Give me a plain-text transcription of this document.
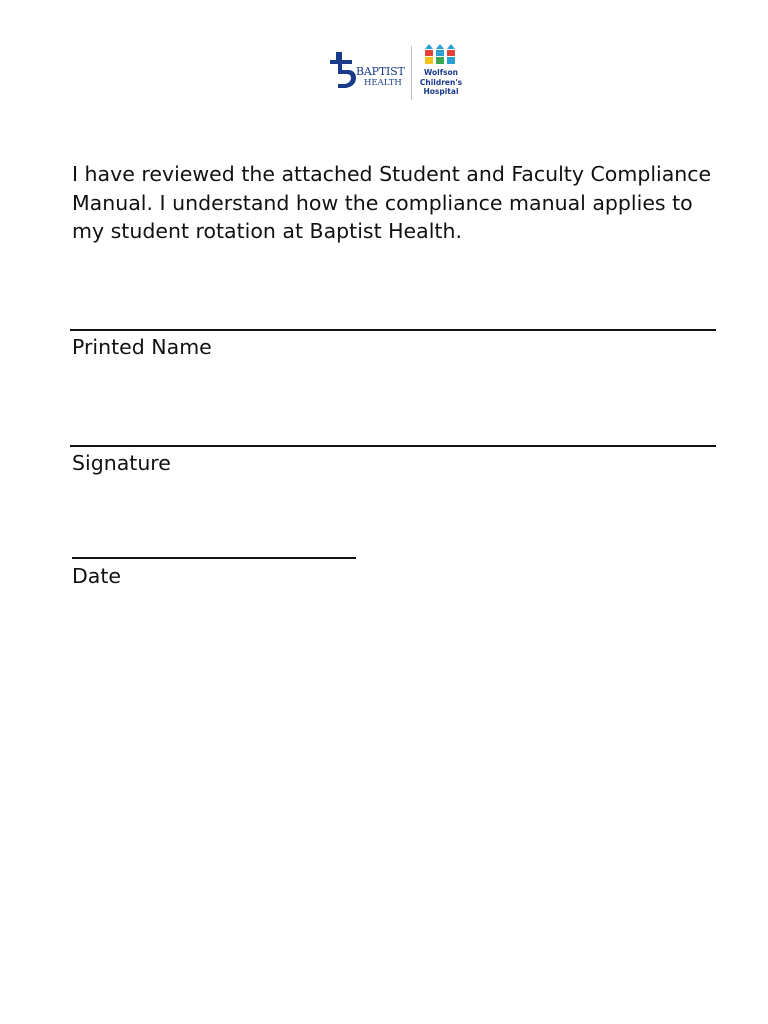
BAPTIST
HEALTH
Wolfson
Children's
Hospital
I have reviewed the attached Student and Faculty Compliance
Manual. I understand how the compliance manual applies to
my student rotation at Baptist Health.
Printed Name
Signature
Date
